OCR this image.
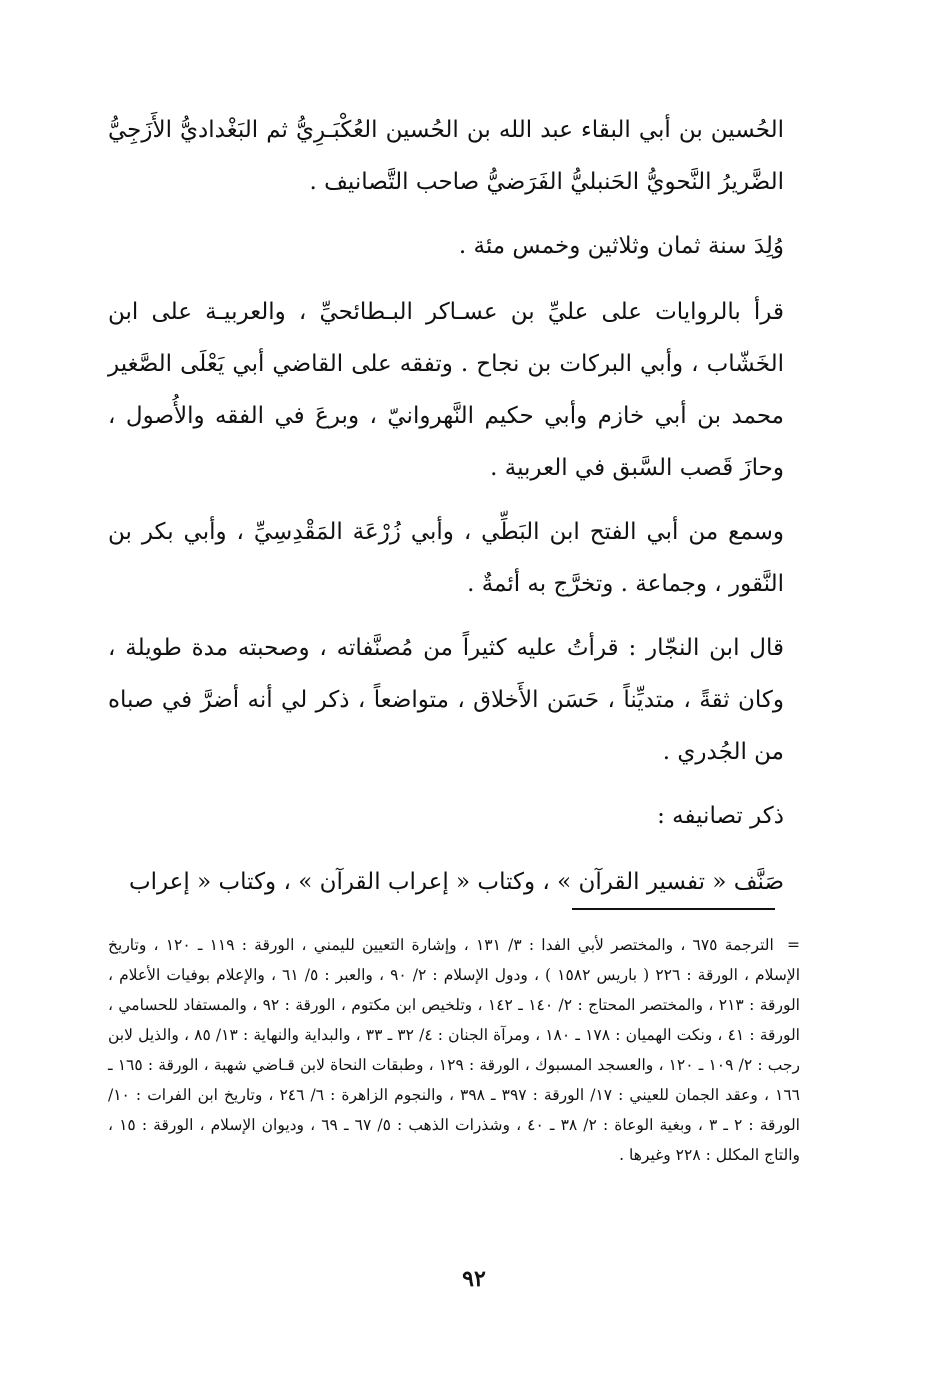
الحُسين بن أبي البقاء عبد الله بن الحُسين العُكْبَـرِيُّ ثم البَغْداديُّ الأَزَجِيُّ الضَّريرُ النَّحويُّ الحَنبليُّ الفَرَضيُّ صاحب التَّصانيف .

وُلِدَ سنة ثمان وثلاثين وخمس مئة .

قرأ بالروايات على عليِّ بن عسـاكر البـطائحيِّ ، والعربيـة على ابن الخَشّاب ، وأبي البركات بن نجاح . وتفقه على القاضي أبي يَعْلَى الصَّغير محمد بن أبي خازم وأبي حكيم النَّهروانيّ ، وبرعَ في الفقه والأُصول ، وحازَ قَصب السَّبق في العربية .

وسمع من أبي الفتح ابن البَطِّي ، وأبي زُرْعَة المَقْدِسِيِّ ، وأبي بكر بن النَّقور ، وجماعة . وتخرَّج به أئمةٌ .

قال ابن النجّار : قرأتُ عليه كثيراً من مُصنَّفاته ، وصحبته مدة طويلة ، وكان ثقةً ، متديِّناً ، حَسَن الأَخلاق ، متواضعاً ، ذكر لي أنه أضرَّ في صباه من الجُدري .

ذكر تصانيفه :

صَنَّف « تفسير القرآن » ، وكتاب « إعراب القرآن » ، وكتاب « إعراب

= الترجمة ٦٧٥ ، والمختصر لأبي الفدا : ٣/ ١٣١ ، وإشارة التعيين لليمني ، الورقة : ١١٩ ـ ١٢٠ ، وتاريخ الإسلام ، الورقة : ٢٢٦ ( باريس ١٥٨٢ ) ، ودول الإسلام : ٢/ ٩٠ ، والعبر : ٥/ ٦١ ، والإعلام بوفيات الأعلام ، الورقة : ٢١٣ ، والمختصر المحتاج : ٢/ ١٤٠ ـ ١٤٢ ، وتلخيص ابن مكتوم ، الورقة : ٩٢ ، والمستفاد للحسامي ، الورقة : ٤١ ، ونكت الهميان : ١٧٨ ـ ١٨٠ ، ومرآة الجنان : ٤/ ٣٢ ـ ٣٣ ، والبداية والنهاية : ١٣/ ٨٥ ، والذيل لابن رجب : ٢/ ١٠٩ ـ ١٢٠ ، والعسجد المسبوك ، الورقة : ١٢٩ ، وطبقات النحاة لابن قـاضي شهبة ، الورقة : ١٦٥ ـ ١٦٦ ، وعقد الجمان للعيني : ١٧/ الورقة : ٣٩٧ ـ ٣٩٨ ، والنجوم الزاهرة : ٦/ ٢٤٦ ، وتاريخ ابن الفرات : ١٠/ الورقة : ٢ ـ ٣ ، وبغية الوعاة : ٢/ ٣٨ ـ ٤٠ ، وشذرات الذهب : ٥/ ٦٧ ـ ٦٩ ، وديوان الإسلام ، الورقة : ١٥ ، والتاج المكلل : ٢٢٨ وغيرها .
٩٢
